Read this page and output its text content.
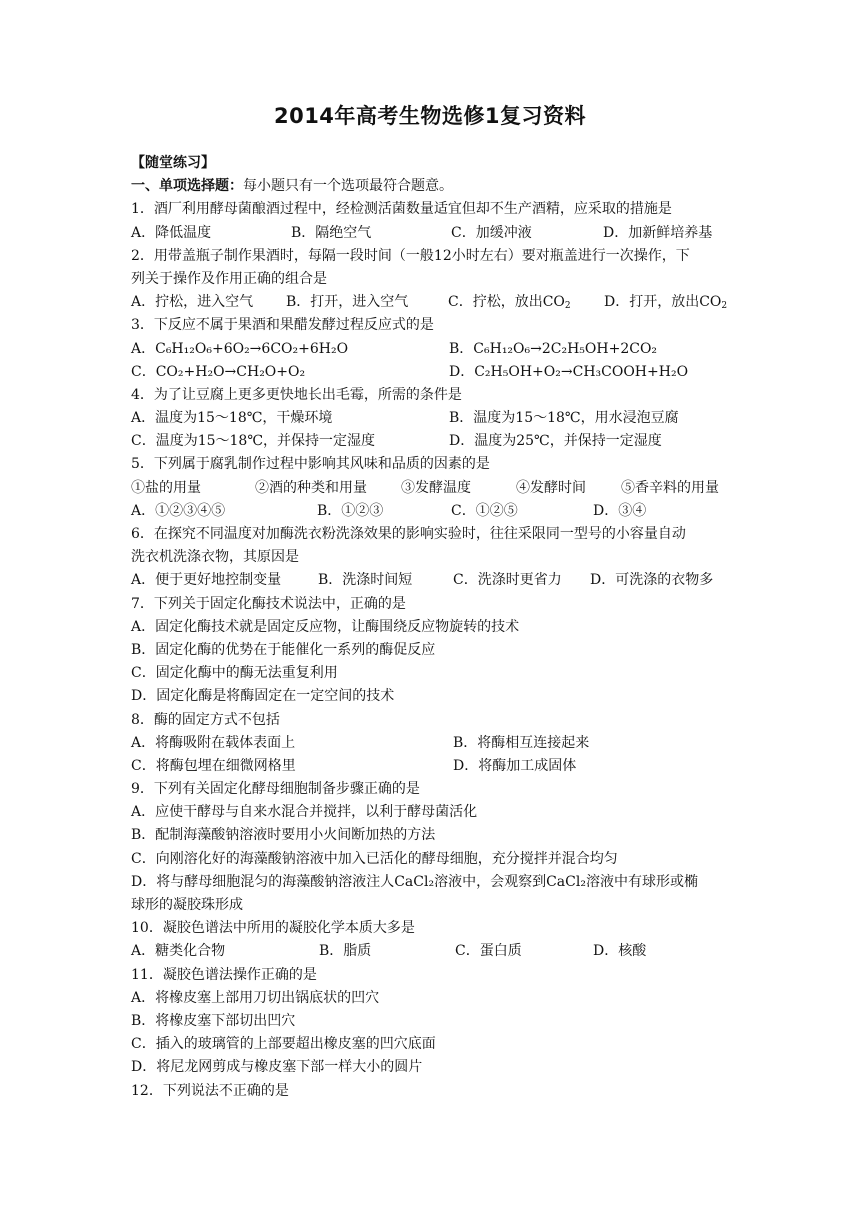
2014年高考生物选修1复习资料
【随堂练习】
一、单项选择题：每小题只有一个选项最符合题意。
1．酒厂利用酵母菌酿酒过程中，经检测活菌数量适宜但却不生产酒精，应采取的措施是
A．降低温度	B．隔绝空气	C．加缓冲液	D．加新鲜培养基
2．用带盖瓶子制作果酒时，每隔一段时间（一般12小时左右）要对瓶盖进行一次操作，下
列关于操作及作用正确的组合是
A．拧松，进入空气 B．打开，进入空气	C．拧松，放出$CO_2$ D．打开，放出$CO_2$
3．下反应不属于果酒和果醋发酵过程反应式的是
A．C₆H₁₂O₆+6O₂→6CO₂+6H₂O	B．C₆H₁₂O₆→2C₂H₅OH+2CO₂
C．CO₂+H₂O→CH₂O+O₂	D．C₂H₅OH+O₂→CH₃COOH+H₂O
4．为了让豆腐上更多更快地长出毛霉，所需的条件是
A．温度为15～18℃，干燥环境	B．温度为15～18℃，用水浸泡豆腐
C．温度为15～18℃，并保持一定湿度	D．温度为25℃，并保持一定湿度
5．下列属于腐乳制作过程中影响其风味和品质的因素的是
①盐的用量	②酒的种类和用量 ③发酵温度	④发酵时间	⑤香辛料的用量
A．①②③④⑤	B．①②③	C．①②⑤	D．③④
6．在探究不同温度对加酶洗衣粉洗涤效果的影响实验时，往往采限同一型号的小容量自动
洗衣机洗涤衣物，其原因是
A．便于更好地控制变量	B．洗涤时间短	C．洗涤时更省力 D．可洗涤的衣物多
7．下列关于固定化酶技术说法中，正确的是
A．固定化酶技术就是固定反应物，让酶围绕反应物旋转的技术
B．固定化酶的优势在于能催化一系列的酶促反应
C．固定化酶中的酶无法重复利用
D．固定化酶是将酶固定在一定空间的技术
8．酶的固定方式不包括
A．将酶吸附在载体表面上	B．将酶相互连接起来
C．将酶包埋在细微网格里	D．将酶加工成固体
9．下列有关固定化酵母细胞制备步骤正确的是
A．应使干酵母与自来水混合并搅拌，以利于酵母菌活化
B．配制海藻酸钠溶液时要用小火间断加热的方法
C．向刚溶化好的海藻酸钠溶液中加入已活化的酵母细胞，充分搅拌并混合均匀
D．将与酵母细胞混匀的海藻酸钠溶液注人CaCl₂溶液中，会观察到CaCl₂溶液中有球形或椭
球形的凝胶珠形成
10．凝胶色谱法中所用的凝胶化学本质大多是
A．糖类化合物	B．脂质	C．蛋白质	D．核酸
11．凝胶色谱法操作正确的是
A．将橡皮塞上部用刀切出锅底状的凹穴
B．将橡皮塞下部切出凹穴
C．插入的玻璃管的上部要超出橡皮塞的凹穴底面
D．将尼龙网剪成与橡皮塞下部一样大小的圆片
12．下列说法不正确的是
